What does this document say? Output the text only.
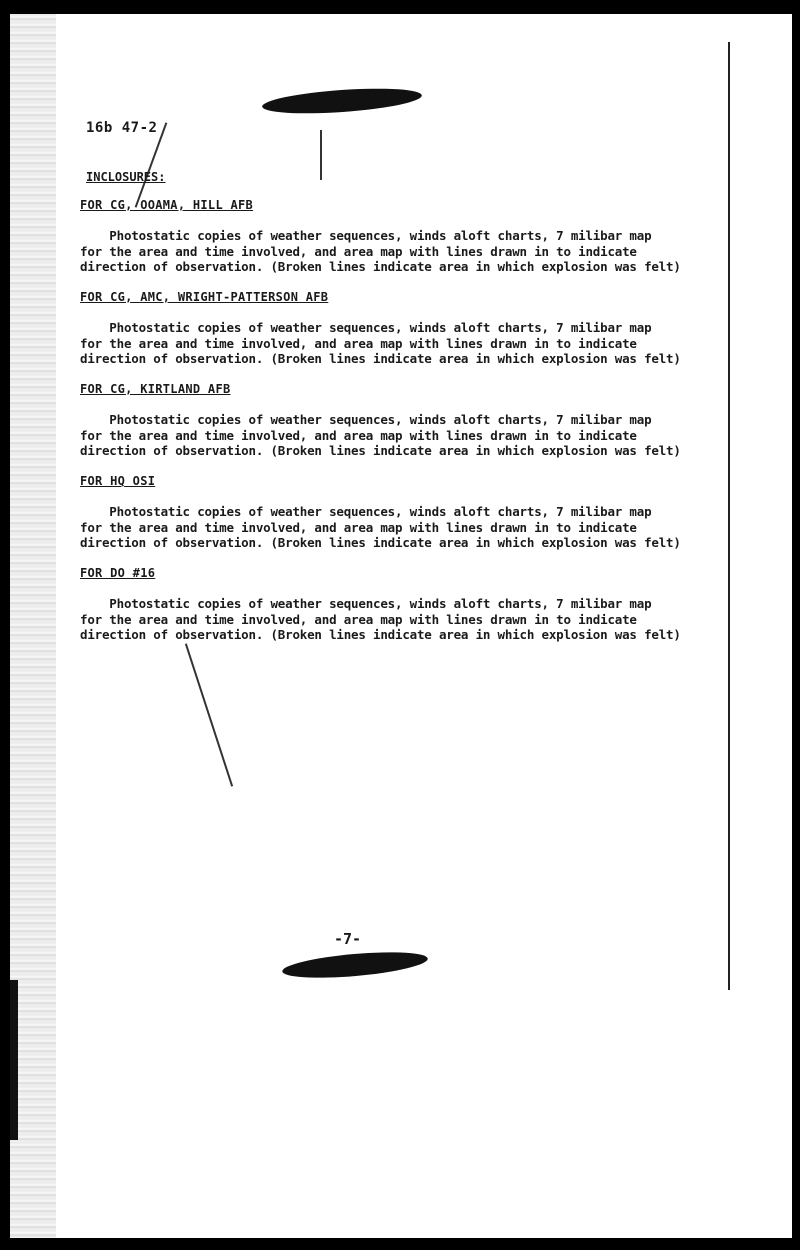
16b 47-2
INCLOSURES:
FOR CG, OOAMA, HILL AFB
Photostatic copies of weather sequences, winds aloft charts, 7 milibar map
for the area and time involved, and area map with lines drawn in to indicate
direction of observation. (Broken lines indicate area in which explosion was felt)
FOR CG, AMC, WRIGHT-PATTERSON AFB
Photostatic copies of weather sequences, winds aloft charts, 7 milibar map
for the area and time involved, and area map with lines drawn in to indicate
direction of observation. (Broken lines indicate area in which explosion was felt)
FOR CG, KIRTLAND AFB
Photostatic copies of weather sequences, winds aloft charts, 7 milibar map
for the area and time involved, and area map with lines drawn in to indicate
direction of observation. (Broken lines indicate area in which explosion was felt)
FOR HQ OSI
Photostatic copies of weather sequences, winds aloft charts, 7 milibar map
for the area and time involved, and area map with lines drawn in to indicate
direction of observation. (Broken lines indicate area in which explosion was felt)
FOR DO #16
Photostatic copies of weather sequences, winds aloft charts, 7 milibar map
for the area and time involved, and area map with lines drawn in to indicate
direction of observation. (Broken lines indicate area in which explosion was felt)
-7-
